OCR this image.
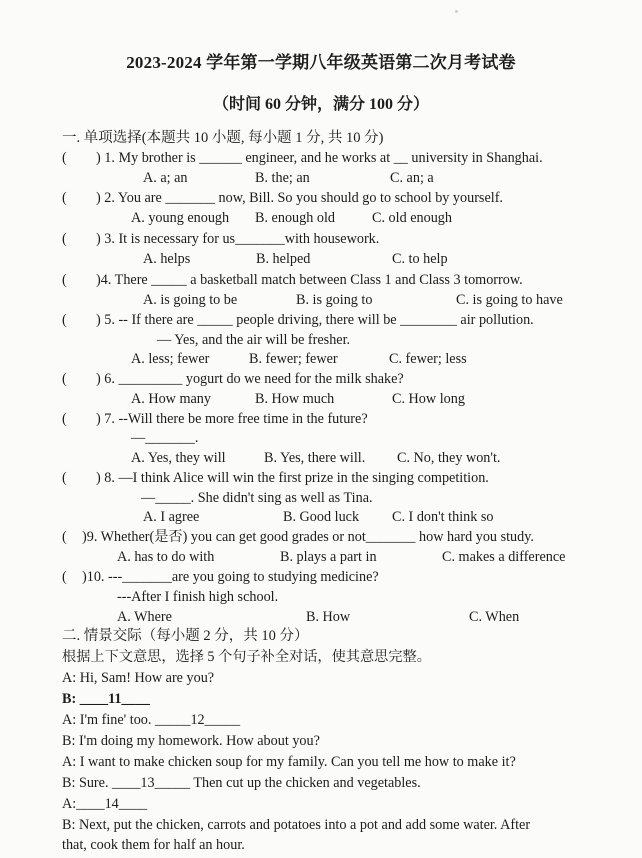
2023-2024 学年第一学期八年级英语第二次月考试卷
（时间 60 分钟，满分 100 分）
一. 单项选择(本题共 10 小题, 每小题 1 分, 共 10 分)
( ) 1. My brother is ______ engineer, and he works at __ university in Shanghai.
A. a; an	B. the; an	C. an; a
( ) 2. You are _______ now, Bill. So you should go to school by yourself.
A. young enough B. enough old	C. old enough
( ) 3. It is necessary for us_______with housework.
A. helps	B. helped	C. to help
( )4. There _____ a basketball match between Class 1 and Class 3 tomorrow.
A. is going to be	B. is going to	C. is going to have
( ) 5. -- If there are _____ people driving, there will be ________ air pollution.
— Yes, and the air will be fresher.
A. less; fewer	B. fewer; fewer	C. fewer; less
( ) 6. _________ yogurt do we need for the milk shake?
A. How many	B. How much	C. How long
( ) 7. --Will there be more free time in the future?
—_______.
A. Yes, they will	B. Yes, there will. C. No, they won't.
( ) 8. —I think Alice will win the first prize in the singing competition.
—_____. She didn't sing as well as Tina.
A. I agree	B. Good luck C. I don't think so
( )9. Whether(是否) you can get good grades or not_______ how hard you study.
A. has to do with	B. plays a part in	C. makes a difference
( )10. ---_______are you going to studying medicine?
---After I finish high school.
A. Where	B. How	C. When
二. 情景交际（每小题 2 分，共 10 分）
根据上下文意思，选择 5 个句子补全对话，使其意思完整。
A: Hi, Sam! How are you?
B: ____11____
A: I'm fine' too. _____12_____
B: I'm doing my homework. How about you?
A: I want to make chicken soup for my family. Can you tell me how to make it?
B: Sure. ____13_____ Then cut up the chicken and vegetables.
A:____14____
B: Next, put the chicken, carrots and potatoes into a pot and add some water. After
that, cook them for half an hour.
